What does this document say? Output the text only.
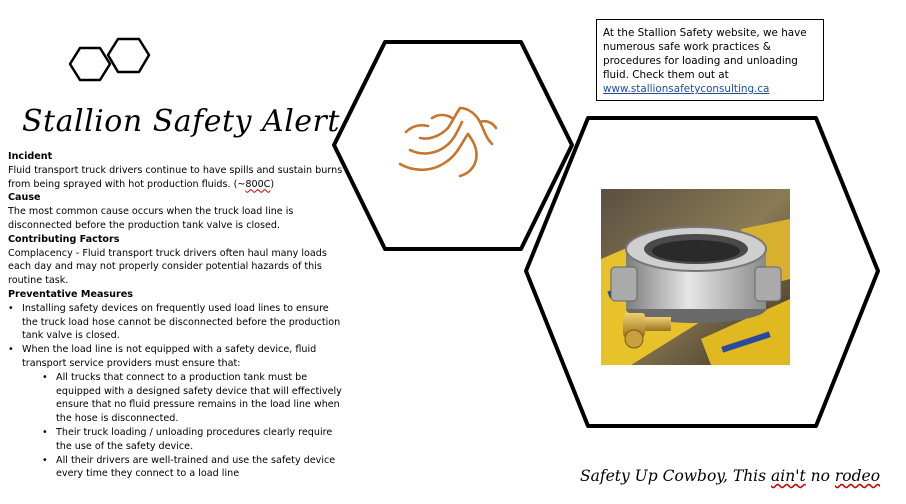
Stallion Safety Alert
Incident
Fluid transport truck drivers continue to have spills and sustain burns from being sprayed with hot production fluids. (~800C)
Cause
The most common cause occurs when the truck load line is disconnected before the production tank valve is closed.
Contributing Factors
Complacency - Fluid transport truck drivers often haul many loads each day and may not properly consider potential hazards of this routine task.
Preventative Measures
• Installing safety devices on frequently used load lines to ensure the truck load hose cannot be disconnected before the production tank valve is closed.
• When the load line is not equipped with a safety device, fluid transport service providers must ensure that:
• All trucks that connect to a production tank must be equipped with a designed safety device that will effectively ensure that no fluid pressure remains in the load line when the hose is disconnected.
• Their truck loading / unloading procedures clearly require the use of the safety device.
• All their drivers are well-trained and use the safety device every time they connect to a load line
At the Stallion Safety website, we have numerous safe work practices & procedures for loading and unloading fluid. Check them out at www.stallionsafetyconsulting.ca
Safety Up Cowboy, This ain't no rodeo
